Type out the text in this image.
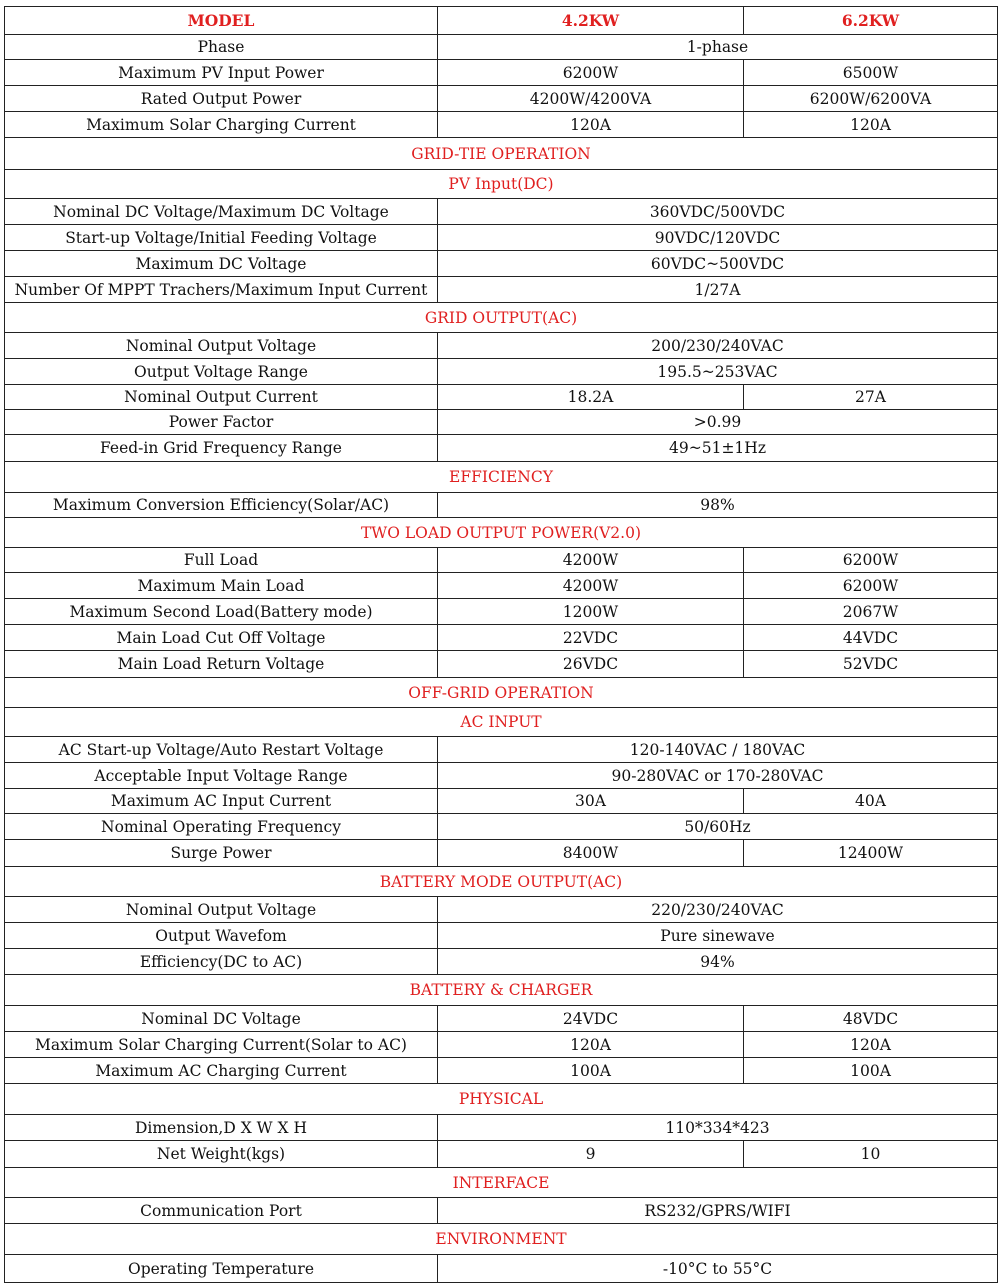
MODEL	4.2KW	6.2KW
Phase	1-phase
Maximum PV Input Power	6200W	6500W
Rated Output Power	4200W/4200VA	6200W/6200VA
Maximum Solar Charging Current	120A	120A
GRID-TIE OPERATION
PV Input(DC)
Nominal DC Voltage/Maximum DC Voltage	360VDC/500VDC
Start-up Voltage/Initial Feeding Voltage	90VDC/120VDC
Maximum DC Voltage	60VDC~500VDC
Number Of MPPT Trachers/Maximum Input Current	1/27A
GRID OUTPUT(AC)
Nominal Output Voltage	200/230/240VAC
Output Voltage Range	195.5~253VAC
Nominal Output Current	18.2A	27A
Power Factor	>0.99
Feed-in Grid Frequency Range	49~51±1Hz
EFFICIENCY
Maximum Conversion Efficiency(Solar/AC)	98%
TWO LOAD OUTPUT POWER(V2.0)
Full Load	4200W	6200W
Maximum Main Load	4200W	6200W
Maximum Second Load(Battery mode)	1200W	2067W
Main Load Cut Off Voltage	22VDC	44VDC
Main Load Return Voltage	26VDC	52VDC
OFF-GRID OPERATION
AC INPUT
AC Start-up Voltage/Auto Restart Voltage	120-140VAC / 180VAC
Acceptable Input Voltage Range	90-280VAC or 170-280VAC
Maximum AC Input Current	30A	40A
Nominal Operating Frequency	50/60Hz
Surge Power	8400W	12400W
BATTERY MODE OUTPUT(AC)
Nominal Output Voltage	220/230/240VAC
Output Wavefom	Pure sinewave
Efficiency(DC to AC)	94%
BATTERY & CHARGER
Nominal DC Voltage	24VDC	48VDC
Maximum Solar Charging Current(Solar to AC)	120A	120A
Maximum AC Charging Current	100A	100A
PHYSICAL
Dimension,D X W X H	110*334*423
Net Weight(kgs)	9	10
INTERFACE
Communication Port	RS232/GPRS/WIFI
ENVIRONMENT
Operating Temperature	-10°C to 55°C
